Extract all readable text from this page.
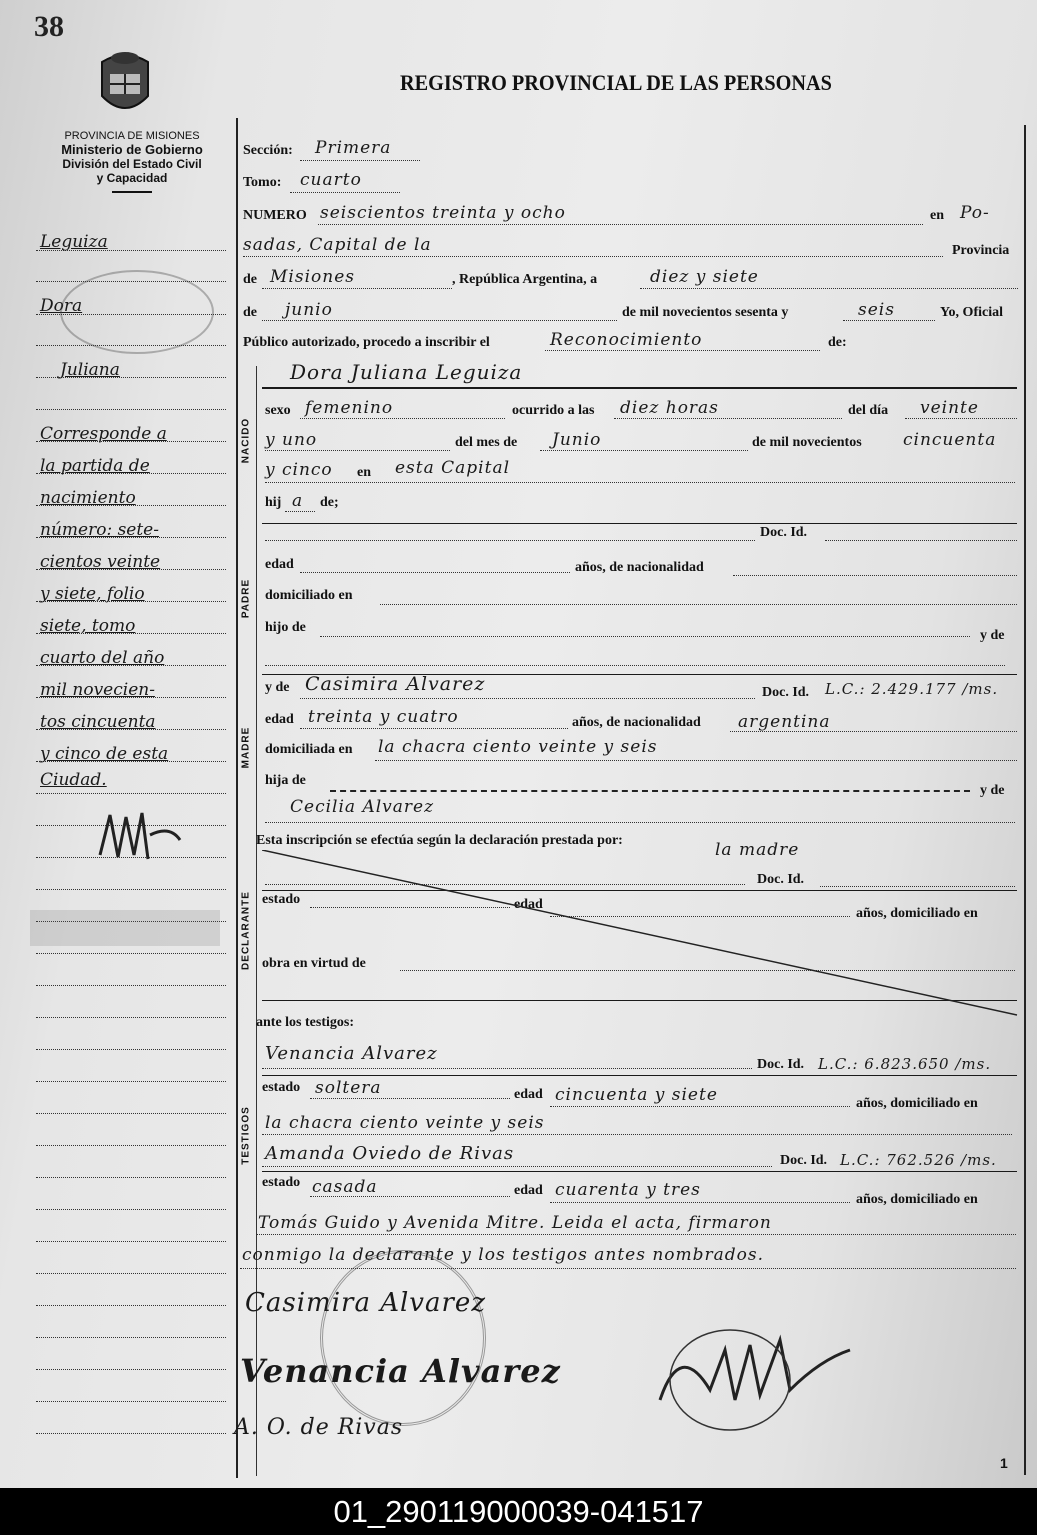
38
REGISTRO PROVINCIAL DE LAS PERSONAS
PROVINCIA DE MISIONES
Ministerio de Gobierno
División del Estado Civil
y Capacidad
Leguiza
Dora
Juliana
Corresponde a
la partida de
nacimiento
número: sete-
cientos veinte
y siete, folio
siete, tomo
cuarto del año
mil novecien-
tos cincuenta
y cinco de esta
Ciudad.
Sección: Primera
Tomo: cuarto
NUMERO seiscientos treinta y ocho	en Po-
sadas, Capital de la	Provincia
de Misiones	, República Argentina, a	diez y siete
de junio	de mil novecientos sesenta y	seis	Yo, Oficial
Público autorizado, procedo a inscribir el	Reconocimiento	de:
NACIDO
Dora Juliana Leguiza
sexo femenino	ocurrido a las diez horas	del día veinte
y uno	del mes de Junio	de mil novecientos cincuenta
y cinco en esta Capital
hij a de;
PADRE
Doc. Id.
edad	años, de nacionalidad
domiciliado en
hijo de
y de
MADRE
y de Casimira Alvarez	Doc. Id. L.C.: 2.429.177 /ms.
edad treinta y cuatro	años, de nacionalidad argentina
domiciliada en la chacra ciento veinte y seis
hija de
y de
Cecilia Alvarez
Esta inscripción se efectúa según la declaración prestada por:	la madre
DECLARANTE
Doc. Id.
estado	edad
años, domiciliado en
obra en virtud de
ante los testigos:
TESTIGOS
Venancia Alvarez
Doc. Id. L.C.: 6.823.650 /ms.
estado soltera	edad cincuenta y siete	años, domiciliado en
la chacra ciento veinte y seis
Amanda Oviedo de Rivas	Doc. Id. L.C.: 762.526 /ms.
estado casada	edad cuarenta y tres	años, domiciliado en
Tomás Guido y Avenida Mitre. Leida el acta, firmaron
conmigo la declarante y los testigos antes nombrados.
Casimira Alvarez
Venancia Alvarez
A. O. de Rivas
1
01_290119000039-041517
